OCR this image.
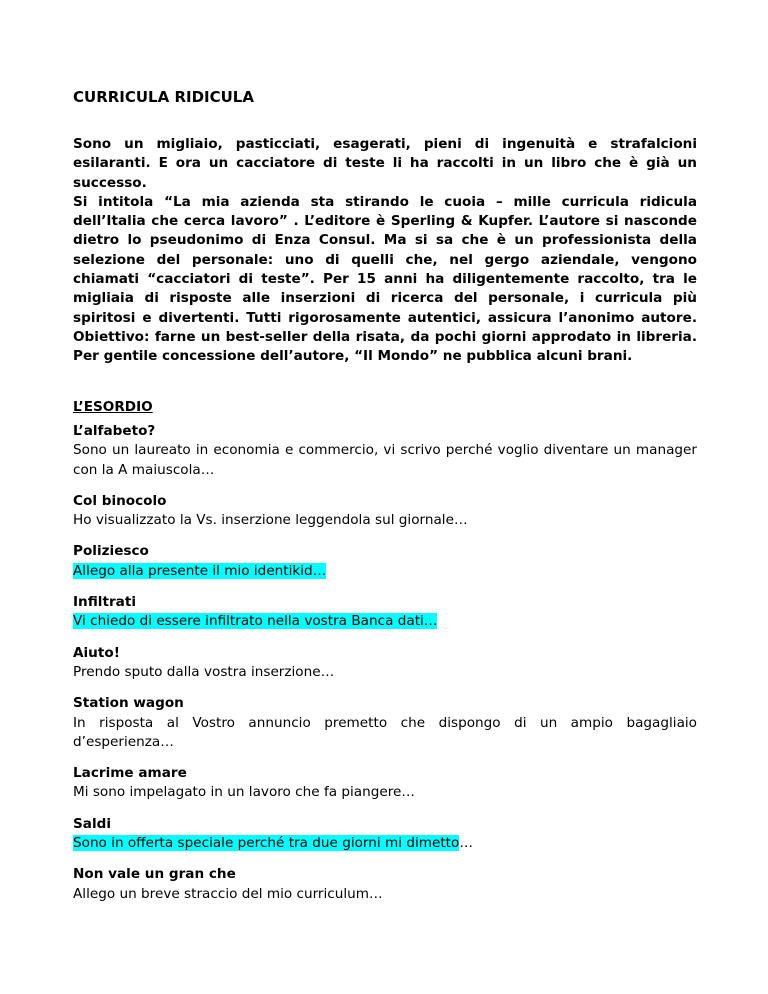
CURRICULA RIDICULA

Sono un migliaio, pasticciati, esagerati, pieni di ingenuità e strafalcioni esilaranti. E ora un cacciatore di teste li ha raccolti in un libro che è già un successo.

Si intitola “La mia azienda sta stirando le cuoia – mille curricula ridicula dell’Italia che cerca lavoro” . L’editore è Sperling & Kupfer. L’autore si nasconde dietro lo pseudonimo di Enza Consul. Ma si sa che è un professionista della selezione del personale: uno di quelli che, nel gergo aziendale, vengono chiamati “cacciatori di teste”. Per 15 anni ha diligentemente raccolto, tra le migliaia di risposte alle inserzioni di ricerca del personale, i curricula più spiritosi e divertenti. Tutti rigorosamente autentici, assicura l’anonimo autore. Obiettivo: farne un best-seller della risata, da pochi giorni approdato in libreria. Per gentile concessione dell’autore, “Il Mondo” ne pubblica alcuni brani.

L’ESORDIO
L’alfabeto?
Sono un laureato in economia e commercio, vi scrivo perché voglio diventare un manager con la A maiuscola…
Col binocolo
Ho visualizzato la Vs. inserzione leggendola sul giornale…
Poliziesco
Allego alla presente il mio identikid…
Infiltrati
Vi chiedo di essere infiltrato nella vostra Banca dati…
Aiuto!
Prendo sputo dalla vostra inserzione…
Station wagon
In risposta al Vostro annuncio premetto che dispongo di un ampio bagagliaio d’esperienza…
Lacrime amare
Mi sono impelagato in un lavoro che fa piangere…
Saldi
Sono in offerta speciale perché tra due giorni mi dimetto…
Non vale un gran che
Allego un breve straccio del mio curriculum…
